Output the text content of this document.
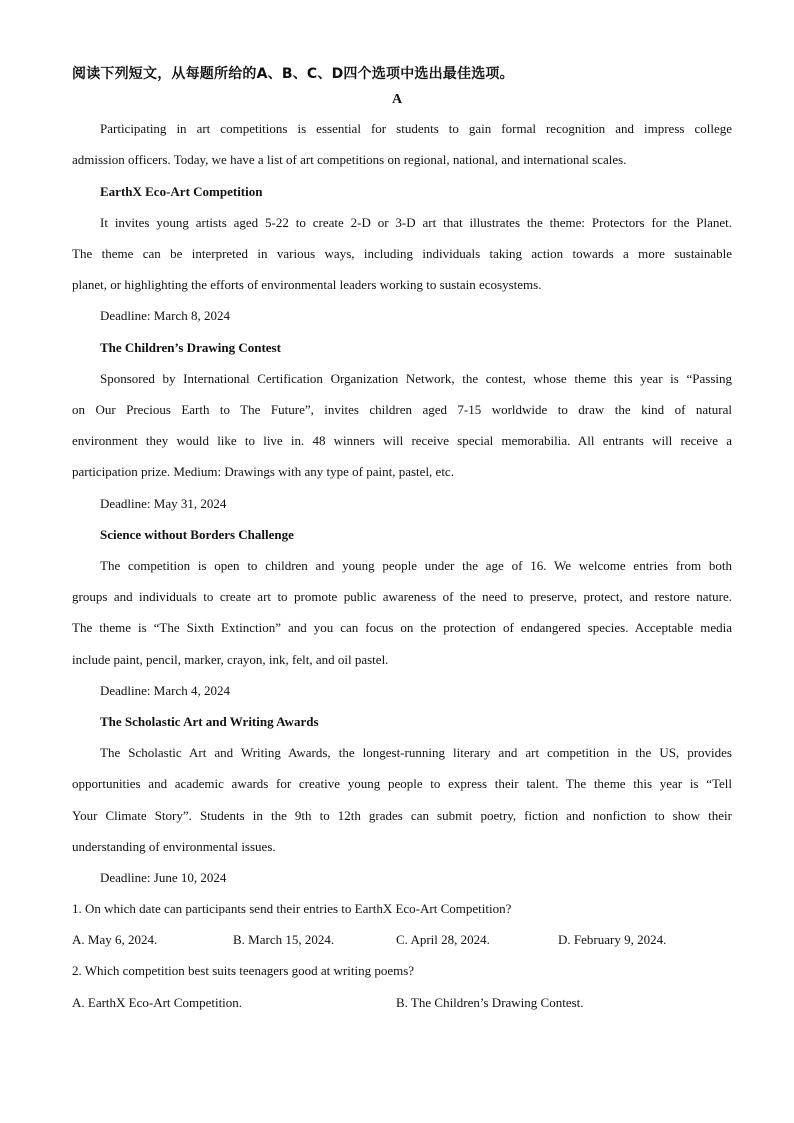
阅读下列短文，从每题所给的A、B、C、D四个选项中选出最佳选项。
A
Participating in art competitions is essential for students to gain formal recognition and impress college
admission officers. Today, we have a list of art competitions on regional, national, and international scales.
EarthX Eco-Art Competition
It invites young artists aged 5-22 to create 2-D or 3-D art that illustrates the theme: Protectors for the Planet.
The theme can be interpreted in various ways, including individuals taking action towards a more sustainable
planet, or highlighting the efforts of environmental leaders working to sustain ecosystems.
Deadline: March 8, 2024
The Children’s Drawing Contest
Sponsored by International Certification Organization Network, the contest, whose theme this year is “Passing
on Our Precious Earth to The Future”, invites children aged 7-15 worldwide to draw the kind of natural
environment they would like to live in. 48 winners will receive special memorabilia. All entrants will receive a
participation prize. Medium: Drawings with any type of paint, pastel, etc.
Deadline: May 31, 2024
Science without Borders Challenge
The competition is open to children and young people under the age of 16. We welcome entries from both
groups and individuals to create art to promote public awareness of the need to preserve, protect, and restore nature.
The theme is “The Sixth Extinction” and you can focus on the protection of endangered species. Acceptable media
include paint, pencil, marker, crayon, ink, felt, and oil pastel.
Deadline: March 4, 2024
The Scholastic Art and Writing Awards
The Scholastic Art and Writing Awards, the longest-running literary and art competition in the US, provides
opportunities and academic awards for creative young people to express their talent. The theme this year is “Tell
Your Climate Story”. Students in the 9th to 12th grades can submit poetry, fiction and nonfiction to show their
understanding of environmental issues.
Deadline: June 10, 2024
1. On which date can participants send their entries to EarthX Eco-Art Competition?
A. May 6, 2024.	B. March 15, 2024.	C. April 28, 2024.	D. February 9, 2024.
2. Which competition best suits teenagers good at writing poems?
A. EarthX Eco-Art Competition.	B. The Children’s Drawing Contest.
